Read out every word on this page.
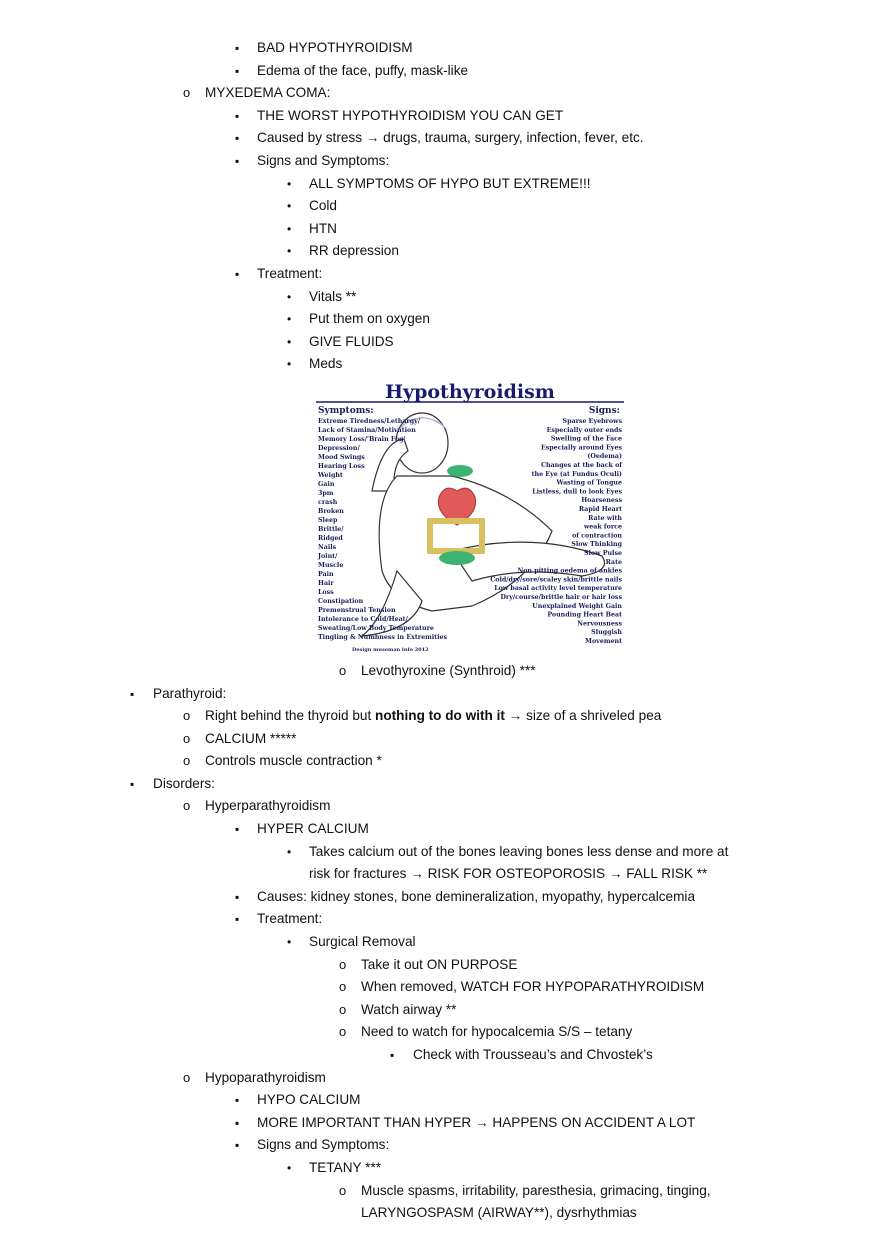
▪ BAD HYPOTHYROIDISM
▪ Edema of the face, puffy, mask-like
o MYXEDEMA COMA:
▪ THE WORST HYPOTHYROIDISM YOU CAN GET
▪ Caused by stress → drugs, trauma, surgery, infection, fever, etc.
▪ Signs and Symptoms:
• ALL SYMPTOMS OF HYPO BUT EXTREME!!!
• Cold
• HTN
• RR depression
▪ Treatment:
• Vitals **
• Put them on oxygen
• GIVE FLUIDS
• Meds
Hypothyroidism
Symptoms:	Signs:
Extreme Tiredness/Lethargy/
Lack of Stamina/Motivation
Memory Loss/'Brain Fog'
Depression/
Mood Swings
Hearing Loss
Weight
Gain
3pm
crash
Broken
Sleep
Brittle/
Ridged
Nails
Joint/
Muscle
Pain
Hair
Loss
Constipation
Premenstrual Tension
Intolerance to Cold/Heat/
Sweating/Low Body Temperature
Tingling & Numbness in Extremities
Sparse Eyebrows
Especially outer ends
Swelling of the Face
Especially around Eyes
(Oedema)
Changes at the back of
the Eye (at Fundus Oculi)
Wasting of Tongue
Listless, dull to look Eyes
Hoarseness
Rapid Heart
Rate with
weak force
of contraction
Slow Thinking
Slow Pulse
Rate
Non pitting oedema of ankles
Cold/dry/sore/scaley skin/brittle nails
Low basal activity level temperature
Dry/course/brittle hair or hair loss
Unexplained Weight Gain
Pounding Heart Beat
Nervousness
Sluggish
Movement
Design museman info 2012
o Levothyroxine (Synthroid) ***
▪ Parathyroid:
o Right behind the thyroid but nothing to do with it → size of a shriveled pea
o CALCIUM *****
o Controls muscle contraction *
▪ Disorders:
o Hyperparathyroidism
▪ HYPER CALCIUM
• Takes calcium out of the bones leaving bones less dense and more at
risk for fractures → RISK FOR OSTEOPOROSIS → FALL RISK **
▪ Causes: kidney stones, bone demineralization, myopathy, hypercalcemia
▪ Treatment:
• Surgical Removal
o Take it out ON PURPOSE
o When removed, WATCH FOR HYPOPARATHYROIDISM
o Watch airway **
o Need to watch for hypocalcemia S/S – tetany
▪ Check with Trousseau’s and Chvostek’s
o Hypoparathyroidism
▪ HYPO CALCIUM
▪ MORE IMPORTANT THAN HYPER → HAPPENS ON ACCIDENT A LOT
▪ Signs and Symptoms:
• TETANY ***
o Muscle spasms, irritability, paresthesia, grimacing, tinging,
LARYNGOSPASM (AIRWAY**), dysrhythmias
